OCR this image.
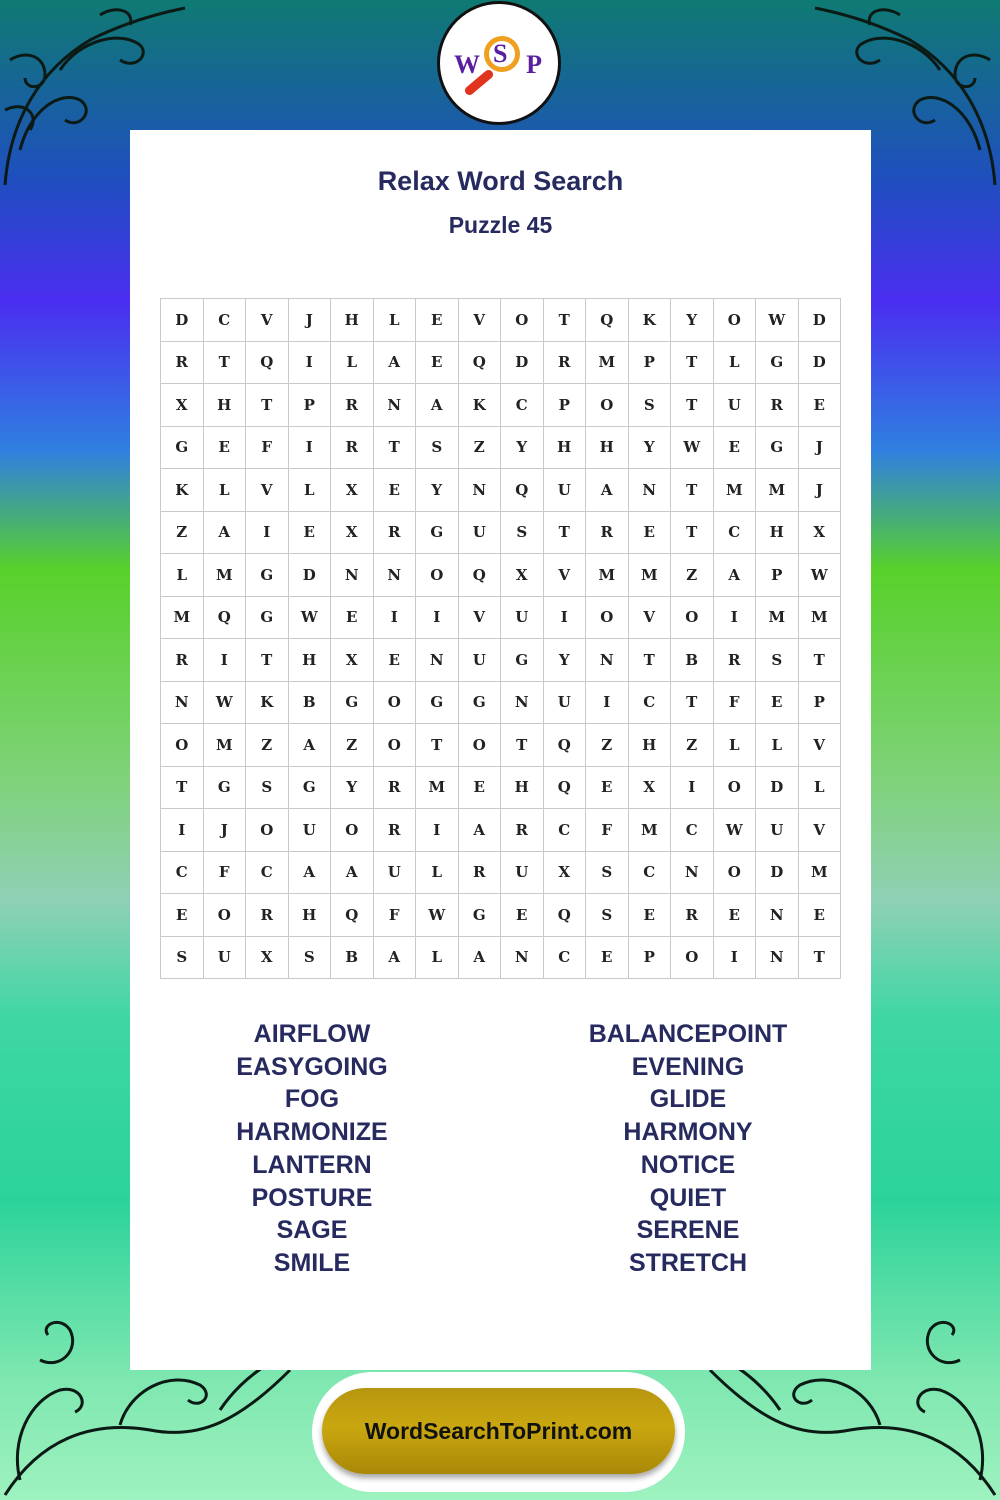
W S P
Relax Word Search
Puzzle 45
D	C	V	J	H	L	E	V	O	T	Q	K	Y	O	W	D
R	T	Q	I	L	A	E	Q	D	R	M	P	T	L	G	D
X	H	T	P	R	N	A	K	C	P	O	S	T	U	R	E
G	E	F	I	R	T	S	Z	Y	H	H	Y	W	E	G	J
K	L	V	L	X	E	Y	N	Q	U	A	N	T	M	M	J
Z	A	I	E	X	R	G	U	S	T	R	E	T	C	H	X
L	M	G	D	N	N	O	Q	X	V	M	M	Z	A	P	W
M	Q	G	W	E	I	I	V	U	I	O	V	O	I	M	M
R	I	T	H	X	E	N	U	G	Y	N	T	B	R	S	T
N	W	K	B	G	O	G	G	N	U	I	C	T	F	E	P
O	M	Z	A	Z	O	T	O	T	Q	Z	H	Z	L	L	V
T	G	S	G	Y	R	M	E	H	Q	E	X	I	O	D	L
I	J	O	U	O	R	I	A	R	C	F	M	C	W	U	V
C	F	C	A	A	U	L	R	U	X	S	C	N	O	D	M
E	O	R	H	Q	F	W	G	E	Q	S	E	R	E	N	E
S	U	X	S	B	A	L	A	N	C	E	P	O	I	N	T
AIRFLOW
EASYGOING
FOG
HARMONIZE
LANTERN
POSTURE
SAGE
SMILE
BALANCEPOINT
EVENING
GLIDE
HARMONY
NOTICE
QUIET
SERENE
STRETCH
WordSearchToPrint.com
